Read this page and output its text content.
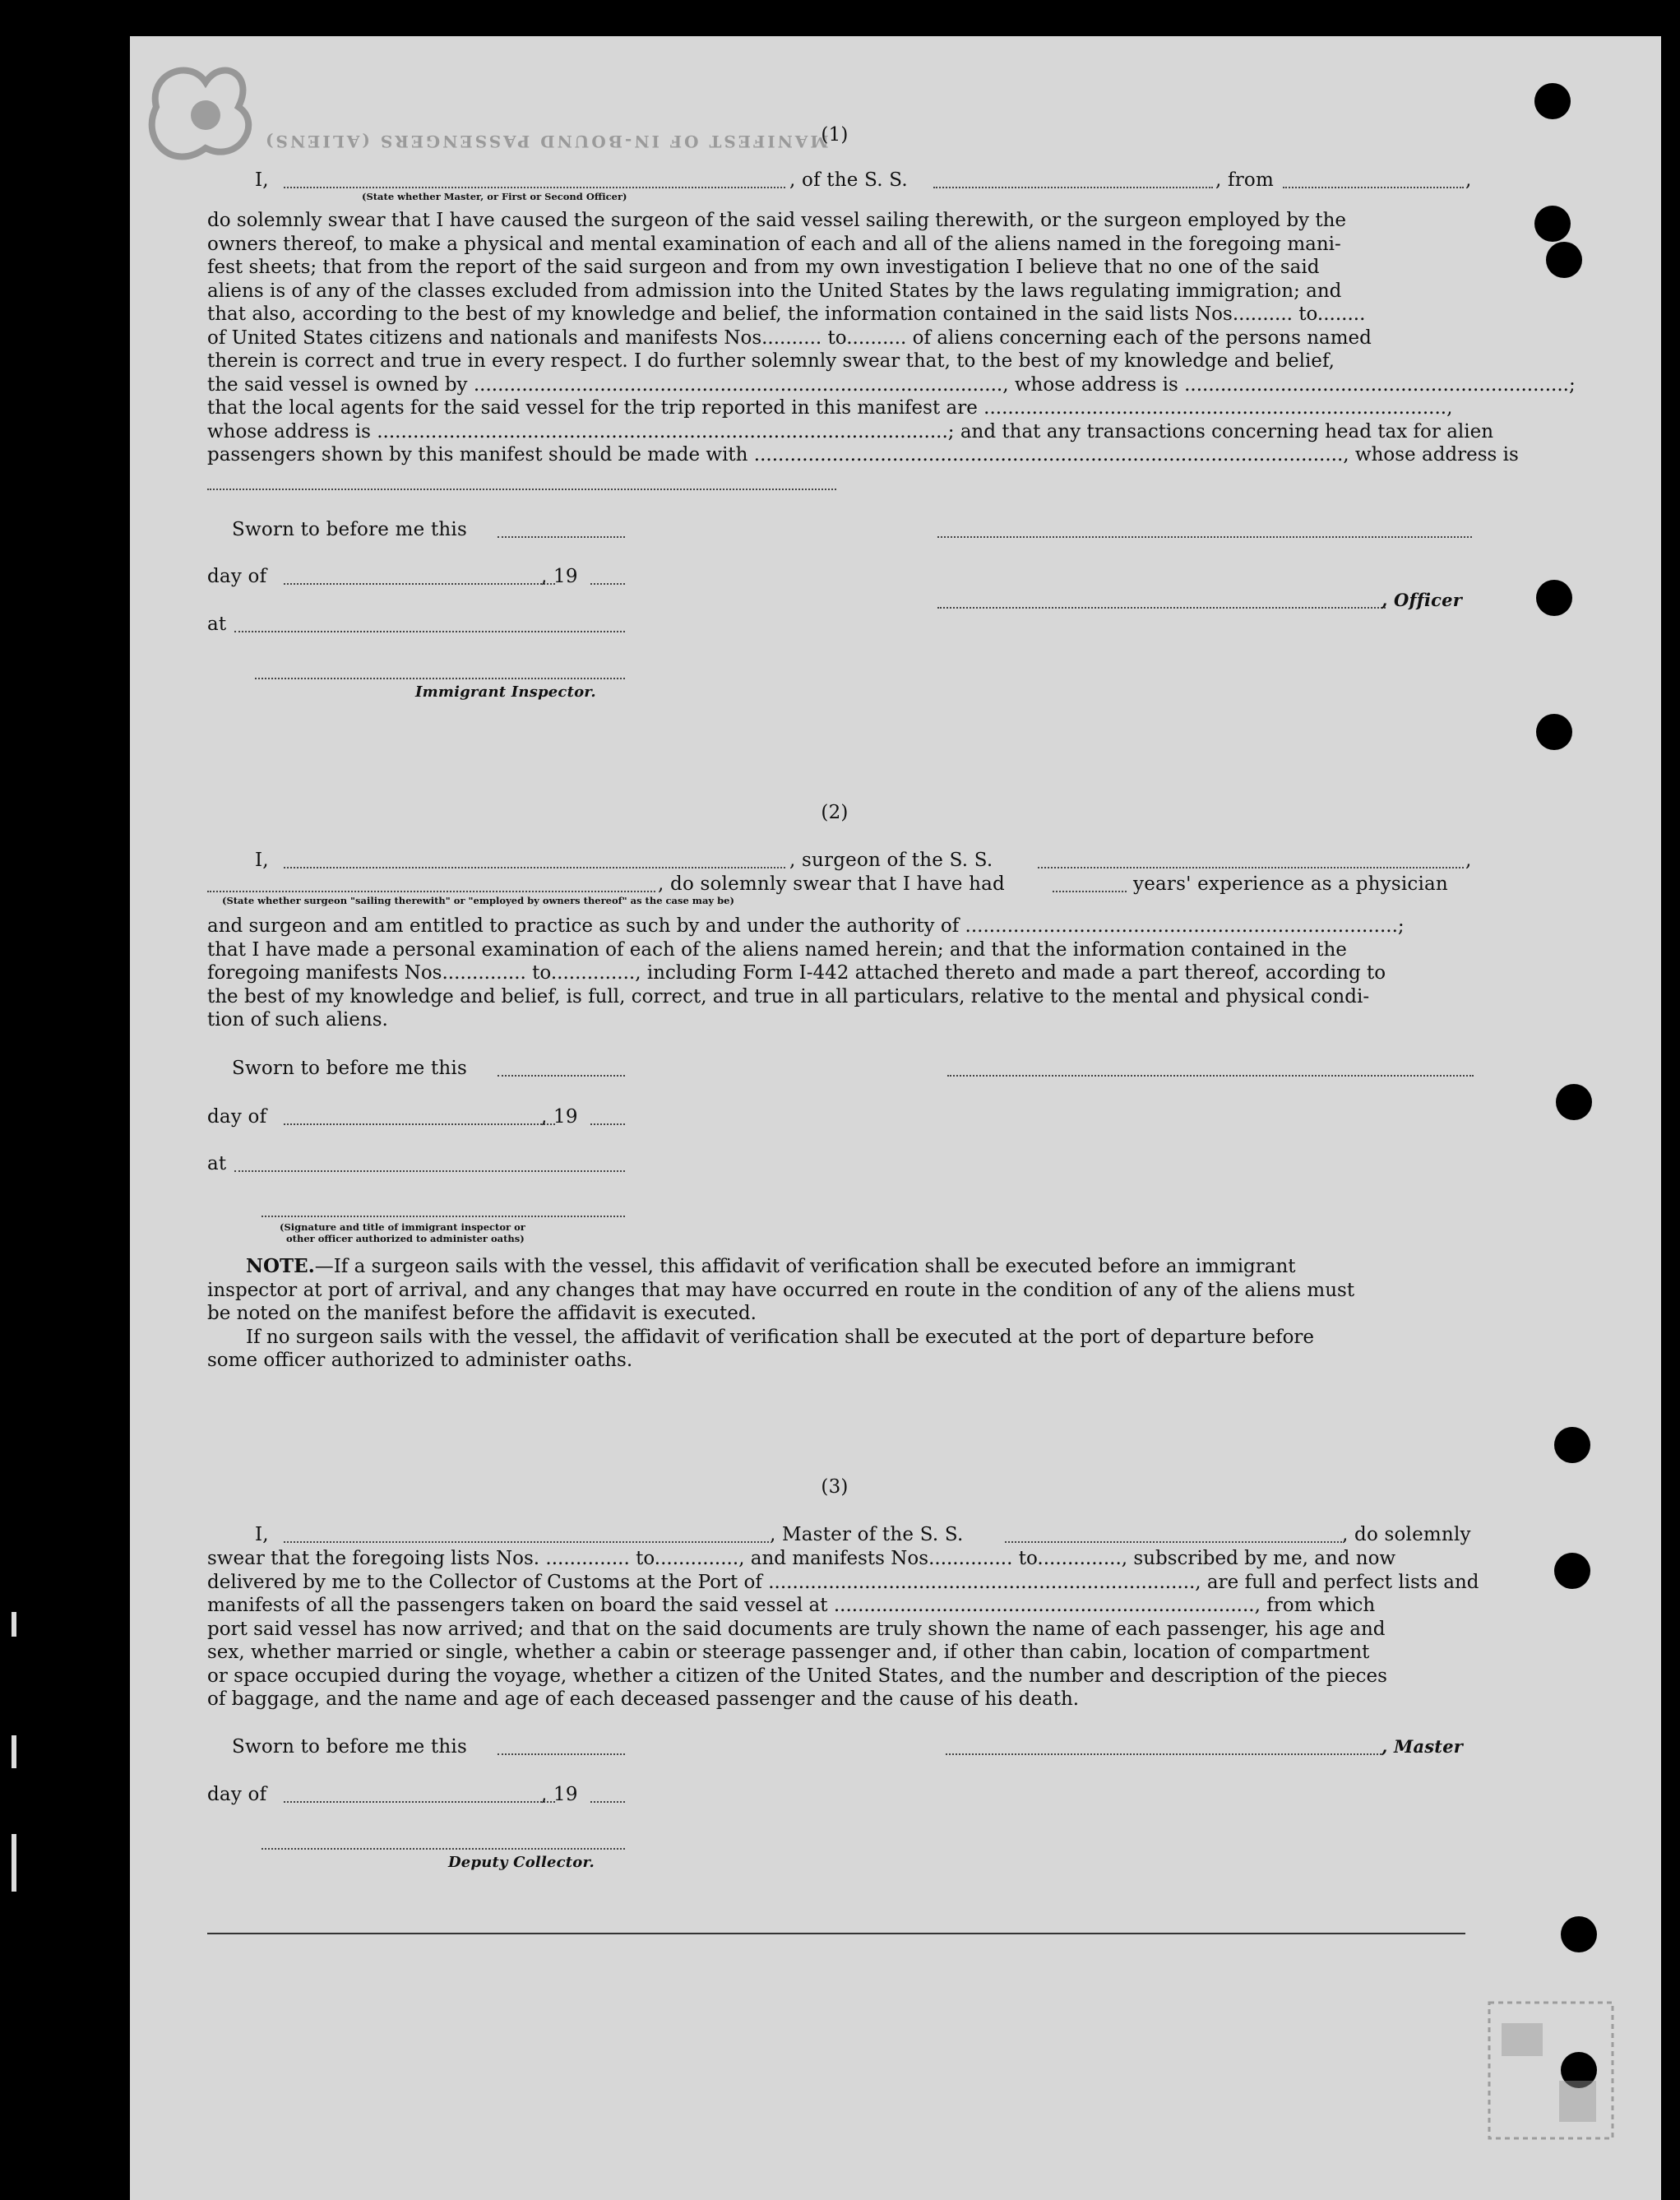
MANIFEST OF IN-BOUND PASSENGERS (ALIENS)
(1)
I,	, of the S. S.	, from	,
(State whether Master, or First or Second Officer)
do solemnly swear that I have caused the surgeon of the said vessel sailing therewith, or the surgeon employed by the
owners thereof, to make a physical and mental examination of each and all of the aliens named in the foregoing mani-
fest sheets; that from the report of the said surgeon and from my own investigation I believe that no one of the said
aliens is of any of the classes excluded from admission into the United States by the laws regulating immigration; and
that also, according to the best of my knowledge and belief, the information contained in the said lists Nos.......... to........
of United States citizens and nationals and manifests Nos.......... to.......... of aliens concerning each of the persons named
therein is correct and true in every respect. I do further solemnly swear that, to the best of my knowledge and belief,
the said vessel is owned by ........................................................................................, whose address is ................................................................;
that the local agents for the said vessel for the trip reported in this manifest are .............................................................................,
whose address is ...............................................................................................; and that any transactions concerning head tax for alien
passengers shown by this manifest should be made with .................................................................................................., whose address is
Sworn to before me this
day of	, 19
, Officer
at
Immigrant Inspector.
(2)
I,	, surgeon of the S. S.	,
, do solemnly swear that I have had	years' experience as a physician
(State whether surgeon "sailing therewith" or "employed by owners thereof" as the case may be)
and surgeon and am entitled to practice as such by and under the authority of ........................................................................;
that I have made a personal examination of each of the aliens named herein; and that the information contained in the
foregoing manifests Nos.............. to.............., including Form I-442 attached thereto and made a part thereof, according to
the best of my knowledge and belief, is full, correct, and true in all particulars, relative to the mental and physical condi-
tion of such aliens.
Sworn to before me this
day of	, 19
at
(Signature and title of immigrant inspector or
other officer authorized to administer oaths)
NOTE.—If a surgeon sails with the vessel, this affidavit of verification shall be executed before an immigrant
inspector at port of arrival, and any changes that may have occurred en route in the condition of any of the aliens must
be noted on the manifest before the affidavit is executed.
If no surgeon sails with the vessel, the affidavit of verification shall be executed at the port of departure before
some officer authorized to administer oaths.
(3)
I,	, Master of the S. S.	, do solemnly
swear that the foregoing lists Nos. .............. to.............., and manifests Nos.............. to.............., subscribed by me, and now
delivered by me to the Collector of Customs at the Port of ......................................................................., are full and perfect lists and
manifests of all the passengers taken on board the said vessel at ......................................................................, from which
port said vessel has now arrived; and that on the said documents are truly shown the name of each passenger, his age and
sex, whether married or single, whether a cabin or steerage passenger and, if other than cabin, location of compartment
or space occupied during the voyage, whether a citizen of the United States, and the number and description of the pieces
of baggage, and the name and age of each deceased passenger and the cause of his death.
Sworn to before me this	, Master
day of	, 19
Deputy Collector.
